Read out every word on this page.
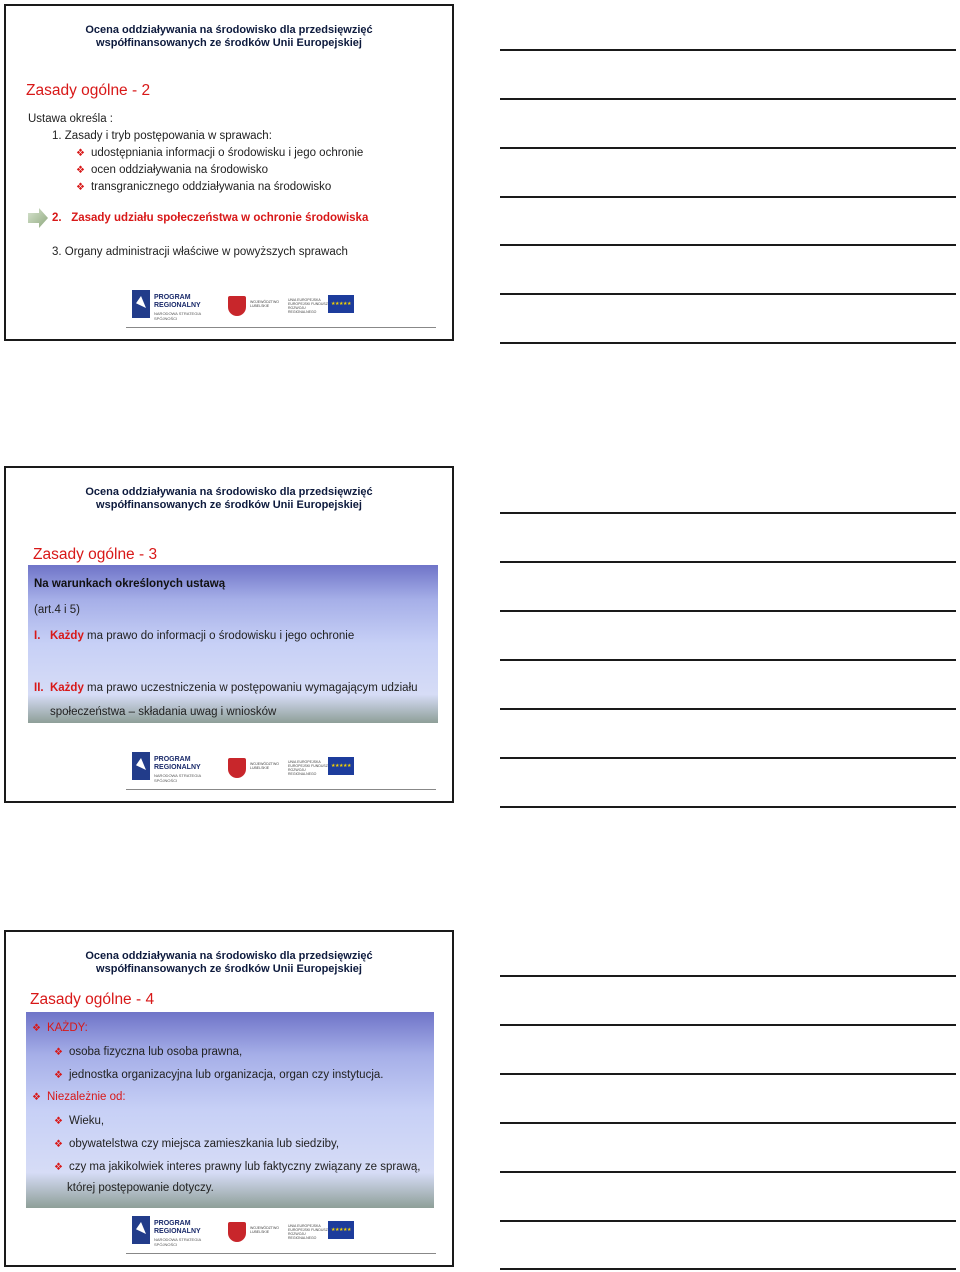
Ocena oddziaływania na środowisko dla przedsięwzięć
współfinansowanych ze środków Unii Europejskiej
Zasady ogólne - 2
Ustawa określa :
1. Zasady i tryb postępowania w sprawach:
❖ udostępniania informacji o środowisku i jego ochronie
❖ ocen oddziaływania na środowisko
❖ transgranicznego oddziaływania na środowisko
2. Zasady udziału społeczeństwa w ochronie środowiska
3. Organy administracji właściwe w powyższych sprawach
PROGRAM
REGIONALNY
NARODOWA STRATEGIA SPÓJNOŚCI
WOJEWÓDZTWO LUBELSKIE
UNIA EUROPEJSKA EUROPEJSKI FUNDUSZ ROZWOJU REGIONALNEGO
★★★★★
Ocena oddziaływania na środowisko dla przedsięwzięć
współfinansowanych ze środków Unii Europejskiej
Zasady ogólne - 3
Na warunkach określonych ustawą
(art.4 i 5)
I. Każdy ma prawo do informacji o środowisku i jego ochronie
II. Każdy ma prawo uczestniczenia w postępowaniu wymagającym udziału
społeczeństwa – składania uwag i wniosków
PROGRAM
REGIONALNY
NARODOWA STRATEGIA SPÓJNOŚCI
WOJEWÓDZTWO LUBELSKIE
UNIA EUROPEJSKA EUROPEJSKI FUNDUSZ ROZWOJU REGIONALNEGO
★★★★★
Ocena oddziaływania na środowisko dla przedsięwzięć
współfinansowanych ze środków Unii Europejskiej
Zasady ogólne - 4
❖ KAŻDY:
❖ osoba fizyczna lub osoba prawna,
❖ jednostka organizacyjna lub organizacja, organ czy instytucja.
❖ Niezależnie od:
❖ Wieku,
❖ obywatelstwa czy miejsca zamieszkania lub siedziby,
❖ czy ma jakikolwiek interes prawny lub faktyczny związany ze sprawą,
której postępowanie dotyczy.
PROGRAM
REGIONALNY
NARODOWA STRATEGIA SPÓJNOŚCI
WOJEWÓDZTWO LUBELSKIE
UNIA EUROPEJSKA EUROPEJSKI FUNDUSZ ROZWOJU REGIONALNEGO
★★★★★
